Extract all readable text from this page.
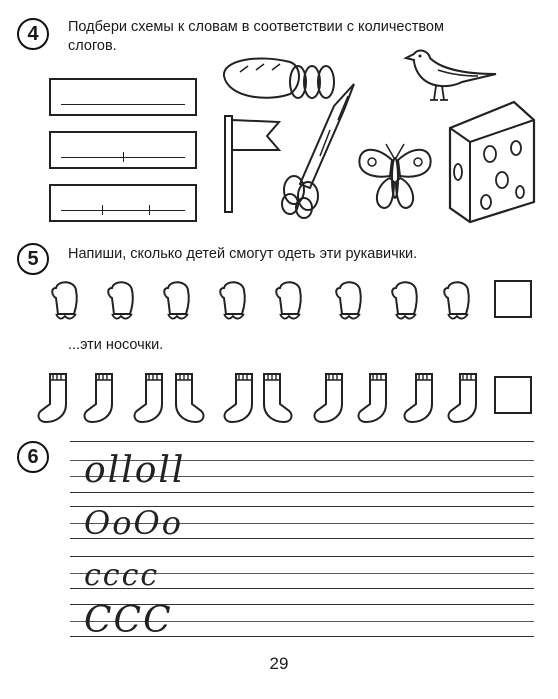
4	Подбери схемы к словам в соответствии с количеством
слогов.
5	Напиши, сколько детей смогут одеть эти рукавички.
...эти носочки.
6 olloll
OoOo
cccc
CCC
29
